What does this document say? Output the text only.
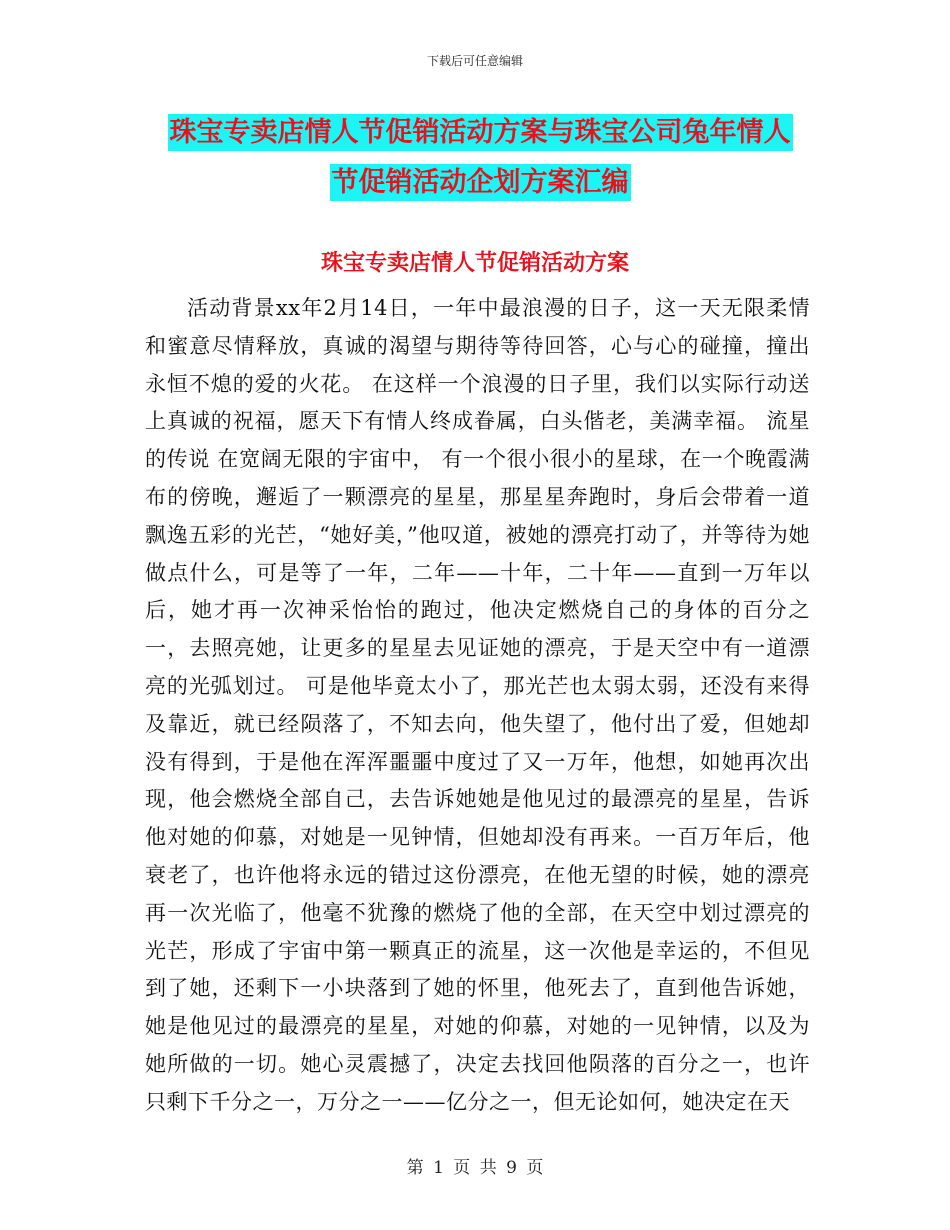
下载后可任意编辑
珠宝专卖店情人节促销活动方案与珠宝公司兔年情人
节促销活动企划方案汇编
珠宝专卖店情人节促销活动方案

活动背景xx年2月14日，一年中最浪漫的日子，这一天无限柔情和蜜意尽情释放，真诚的渴望与期待等待回答，心与心的碰撞，撞出永恒不熄的爱的火花。 在这样一个浪漫的日子里，我们以实际行动送上真诚的祝福，愿天下有情人终成眷属，白头偕老，美满幸福。 流星的传说 在宽阔无限的宇宙中， 有一个很小很小的星球，在一个晚霞满布的傍晚，邂逅了一颗漂亮的星星，那星星奔跑时，身后会带着一道飘逸五彩的光芒，“她好美，”他叹道，被她的漂亮打动了，并等待为她做点什么，可是等了一年，二年——十年，二十年——直到一万年以后，她才再一次神采怡怡的跑过，他决定燃烧自己的身体的百分之一，去照亮她，让更多的星星去见证她的漂亮，于是天空中有一道漂亮的光弧划过。 可是他毕竟太小了，那光芒也太弱太弱，还没有来得及靠近，就已经陨落了，不知去向，他失望了，他付出了爱，但她却没有得到，于是他在浑浑噩噩中度过了又一万年，他想，如她再次出现，他会燃烧全部自己，去告诉她她是他见过的最漂亮的星星，告诉他对她的仰慕，对她是一见钟情，但她却没有再来。一百万年后，他衰老了，也许他将永远的错过这份漂亮，在他无望的时候，她的漂亮再一次光临了，他毫不犹豫的燃烧了他的全部，在天空中划过漂亮的光芒，形成了宇宙中第一颗真正的流星，这一次他是幸运的，不但见到了她，还剩下一小块落到了她的怀里，他死去了，直到他告诉她，她是他见过的最漂亮的星星，对她的仰慕，对她的一见钟情，以及为她所做的一切。她心灵震撼了，决定去找回他陨落的百分之一，也许只剩下千分之一，万分之一——亿分之一，但无论如何，她决定在天

第 1 页 共 9 页
